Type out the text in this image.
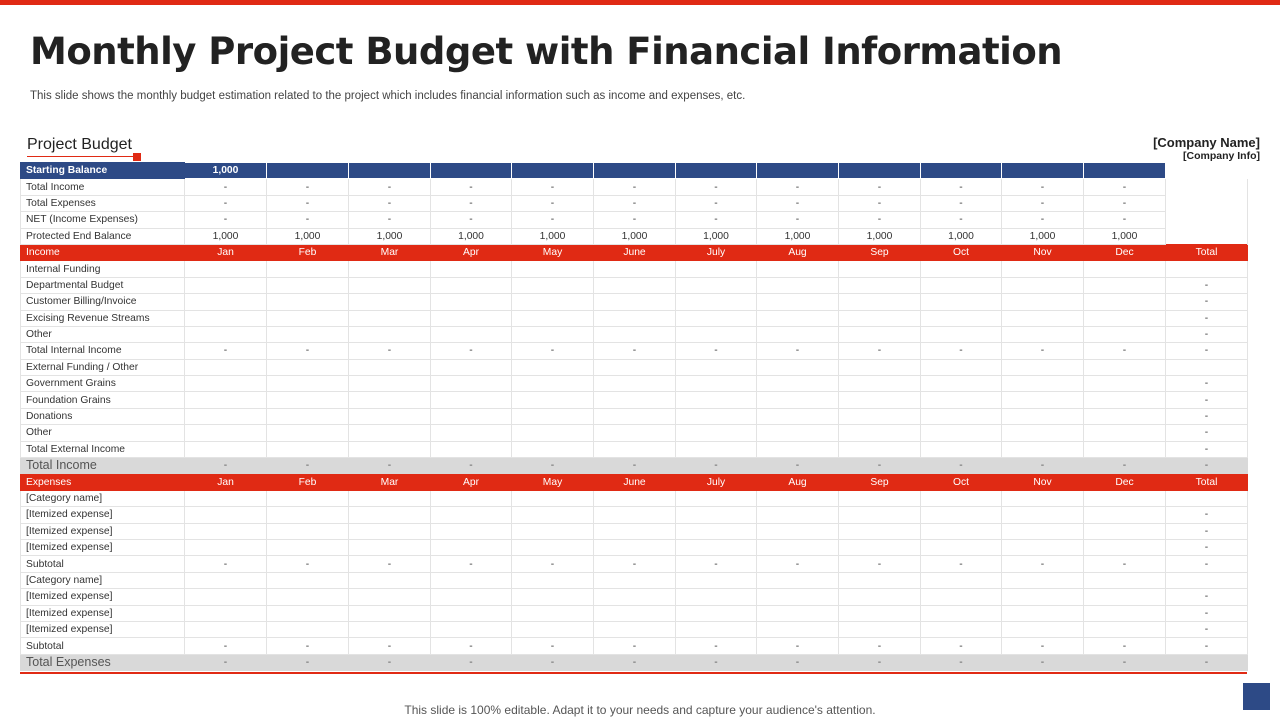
Monthly Project Budget with Financial Information
This slide shows the monthly budget estimation related to the project which includes financial information such as income and expenses, etc.
Project Budget	[Company Name]
[Company Info]
Starting Balance	1,000												
Total Income	-	-	-	-	-	-	-	-	-	-	-	-	
Total Expenses	-	-	-	-	-	-	-	-	-	-	-	-	
NET (Income Expenses)	-	-	-	-	-	-	-	-	-	-	-	-	
Protected End Balance	1,000	1,000	1,000	1,000	1,000	1,000	1,000	1,000	1,000	1,000	1,000	1,000	
Income	Jan	Feb	Mar	Apr	May	June	July	Aug	Sep	Oct	Nov	Dec	Total
Internal Funding													
Departmental Budget													-
Customer Billing/Invoice													-
Excising Revenue Streams													-
Other													-
Total Internal Income	-	-	-	-	-	-	-	-	-	-	-	-	-
External Funding / Other													
Government Grains													-
Foundation Grains													-
Donations													-
Other													-
Total External Income													-
Total Income	-	-	-	-	-	-	-	-	-	-	-	-	-
Expenses	Jan	Feb	Mar	Apr	May	June	July	Aug	Sep	Oct	Nov	Dec	Total
[Category name]													
[Itemized expense]													-
[Itemized expense]													-
[Itemized expense]													-
Subtotal	-	-	-	-	-	-	-	-	-	-	-	-	-
[Category name]													
[Itemized expense]													-
[Itemized expense]													-
[Itemized expense]													-
Subtotal	-	-	-	-	-	-	-	-	-	-	-	-	-
Total Expenses	-	-	-	-	-	-	-	-	-	-	-	-	-
This slide is 100% editable. Adapt it to your needs and capture your audience's attention.
